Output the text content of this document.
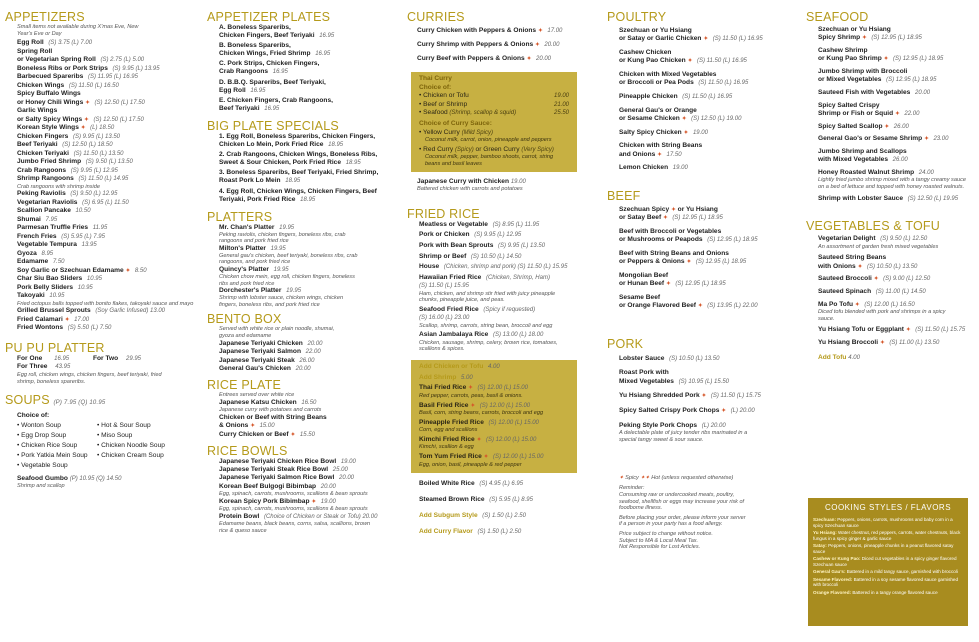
APPETIZERS
Small items not available during X'mas Eve, New Year's Eve or Day
Egg Roll (S) 3.75 (L) 7.00
Spring Roll
or Vegetarian Spring Roll (S) 2.75 (L) 5.00
Boneless Ribs or Pork Strips (S) 9.95 (L) 13.95
Barbecued Spareribs (S) 11.95 (L) 16.95
Chicken Wings (S) 11.50 (L) 16.50
Spicy Buffalo Wings
or Honey Chili Wings ✦ (S) 12.50 (L) 17.50
Garlic Wings
or Salty Spicy Wings ✦ (S) 12.50 (L) 17.50
Korean Style Wings ✦ (L) 18.50
Chicken Fingers (S) 9.95 (L) 13.50
Beef Teriyaki (S) 12.50 (L) 18.50
Chicken Teriyaki (S) 11.50 (L) 13.50
Jumbo Fried Shrimp (S) 9.50 (L) 13.50
Crab Rangoons (S) 9.95 (L) 12.95
Shrimp Rangoons (S) 11.50 (L) 14.95
Crab rangoons with shrimp inside
Peking Raviolis (S) 9.50 (L) 12.95
Vegetarian Raviolis (S) 6.95 (L) 11.50
Scallion Pancake 10.50
Shumai 7.95
Parmesan Truffle Fries 11.95
French Fries (S) 5.95 (L) 7.95
Vegetable Tempura 13.95
Gyoza 8.95
Edamame 7.50
Soy Garlic or Szechuan Edamame ✦ 8.50
Char Siu Bao Sliders 10.95
Pork Belly Sliders 10.95
Takoyaki 10.95
Fried octopus balls topped with bonito flakes, takoyaki sauce and mayo
Grilled Brussel Sprouts (Soy Garlic Infused) 13.00
Fried Calamari ✦ 17.00
Fried Wontons (S) 5.50 (L) 7.50
PU PU PLATTER
For One 16.95	For Two 29.95
For Three 43.95
Egg roll, chicken wings, chicken fingers, beef teriyaki, fried shrimp, boneless spareribs.
SOUPS (P) 7.95 (Q) 10.95
Choice of:
• Wonton Soup
• Egg Drop Soup
• Chicken Rice Soup
• Pork Yatkia Mein Soup
• Vegetable Soup
• Hot & Sour Soup
• Miso Soup
• Chicken Noodle Soup
• Chicken Cream Soup
Seafood Gumbo (P) 10.95 (Q) 14.50
Shrimp and scallop
APPETIZER PLATES
A. Boneless Spareribs,
Chicken Fingers, Beef Teriyaki 16.95
B. Boneless Spareribs,
Chicken Wings, Fried Shrimp 16.95
C. Pork Strips, Chicken Fingers,
Crab Rangoons 16.95
D. B.B.Q. Spareribs, Beef Teriyaki,
Egg Roll 16.95
E. Chicken Fingers, Crab Rangoons,
Beef Teriyaki 16.95
BIG PLATE SPECIALS
1. Egg Roll, Boneless Spareribs, Chicken Fingers, Chicken Lo Mein, Pork Fried Rice 18.95
2. Crab Rangoons, Chicken Wings, Boneless Ribs, Sweet & Sour Chicken, Pork Fried Rice 18.95
3. Boneless Spareribs, Beef Teriyaki, Fried Shrimp, Roast Pork Lo Mein 18.95
4. Egg Roll, Chicken Wings, Chicken Fingers, Beef Teriyaki, Pork Fried Rice 18.95
PLATTERS
Mr. Chan's Platter 19.95
Peking raviolis, chicken fingers, boneless ribs, crab rangoons and pork fried rice
Milton's Platter 19.95
General gau's chicken, beef teriyaki, boneless ribs, crab rangoons, and pork fried rice
Quincy's Platter 19.95
Chicken chow mein, egg roll, chicken fingers, boneless ribs and pork fried rice
Dorchester's Platter 19.95
Shrimp with lobster sauce, chicken wings, chicken fingers, boneless ribs, and pork fried rice
BENTO BOX
Served with white rice or plain noodle, shumai, gyoza and edamame
Japanese Teriyaki Chicken 20.00
Japanese Teriyaki Salmon 22.00
Japanese Teriyaki Steak 26.00
General Gau's Chicken 20.00
RICE PLATE
Entrees served over white rice
Japanese Katsu Chicken 16.50
Japanese curry with potatoes and carrots
Chicken or Beef with String Beans
& Onions ✦ 15.00
Curry Chicken or Beef ✦ 15.50
RICE BOWLS
Japanese Teriyaki Chicken Rice Bowl 19.00
Japanese Teriyaki Steak Rice Bowl 25.00
Japanese Teriyaki Salmon Rice Bowl 20.00
Korean Beef Bulgogi Bibimbap 20.00
Egg, spinach, carrots, mushrooms, scallions & bean sprouts
Korean Spicy Pork Bibimbap ✦ 19.00
Egg, spinach, carrots, mushrooms, scallions & bean sprouts
Protein Bowl (Choice of Chicken or Steak or Tofu) 20.00
Edamame beans, black beans, corns, salsa, scallions, brown rice & queso sauce
CURRIES
Curry Chicken with Peppers & Onions ✦ 17.00
Curry Shrimp with Peppers & Onions ✦ 20.00
Curry Beef with Peppers & Onions ✦ 20.00
Thai Curry
Choice of:
• Chicken or Tofu	19.00
• Beef or Shrimp	21.00
• Seafood (Shrimp, scallop & squid)	25.50
Choice of Curry Sauce:
• Yellow Curry (Mild Spicy)
Coconut milk, carrot, onion, pineapple and peppers
• Red Curry (Spicy) or Green Curry (Very Spicy)
Coconut milk, pepper, bamboo shoots, carrot, string beans and basil leaves
Japanese Curry with Chicken 19.00
Battered chicken with carrots and potatoes
FRIED RICE
Meatless or Vegetable (S) 8.95 (L) 11.95
Pork or Chicken (S) 9.95 (L) 12.95
Pork with Bean Sprouts (S) 9.95 (L) 13.50
Shrimp or Beef (S) 10.50 (L) 14.50
House (Chicken, shrimp and pork) (S) 11.50 (L) 15.95
Hawaiian Fried Rice (Chicken, Shrimp, Ham)
(S) 11.50 (L) 15.95
Ham, chicken, and shrimp stir fried with juicy pineapple chunks, pineapple juice, and peas.
Seafood Fried Rice (Spicy if requested)
(S) 16.00 (L) 23.00
Scallop, shrimp, carrots, string bean, broccoli and egg
Asian Jambalaya Rice (S) 13.00 (L) 18.00
Chicken, sausage, shrimp, celery, brown rice, tomatoes, scallions & spices.
Add Chicken or Tofu 4.00
Add Shrimp 5.00
Thai Fried Rice ✦ (S) 12.00 (L) 15.00
Red pepper, carrots, peas, basil & onions.
Basil Fried Rice ✦ (S) 12.00 (L) 15.00
Basil, corn, string beans, carrots, broccoli and egg
Pineapple Fried Rice (S) 12.00 (L) 15.00
Corn, egg and scallions
Kimchi Fried Rice ✦ (S) 12.00 (L) 15.00
Kimchi, scallion & egg
Tom Yum Fried Rice ✦ (S) 12.00 (L) 15.00
Egg, onion, basil, pineapple & red pepper
Boiled White Rice (S) 4.95 (L) 6.95
Steamed Brown Rice (S) 5.95 (L) 8.95
Add Subgum Style (S) 1.50 (L) 2.50
Add Curry Flavor (S) 1.50 (L) 2.50
POULTRY
Szechuan or Yu Hsiang
or Satay or Garlic Chicken ✦ (S) 11.50 (L) 16.95
Cashew Chicken
or Kung Pao Chicken ✦ (S) 11.50 (L) 16.95
Chicken with Mixed Vegetables
or Broccoli or Pea Pods (S) 11.50 (L) 16.95
Pineapple Chicken (S) 11.50 (L) 16.95
General Gau's or Orange
or Sesame Chicken ✦ (S) 12.50 (L) 19.00
Salty Spicy Chicken ✦ 19.00
Chicken with String Beans
and Onions ✦ 17.50
Lemon Chicken 19.00
BEEF
Szechuan Spicy ✦ or Yu Hsiang
or Satay Beef ✦ (S) 12.95 (L) 18.95
Beef with Broccoli or Vegetables
or Mushrooms or Peapods (S) 12.95 (L) 18.95
Beef with String Beans and Onions
or Peppers & Onions ✦ (S) 12.95 (L) 18.95
Mongolian Beef
or Hunan Beef ✦ (S) 12.95 (L) 18.95
Sesame Beef
or Orange Flavored Beef ✦ (S) 13.95 (L) 22.00
PORK
Lobster Sauce (S) 10.50 (L) 13.50
Roast Pork with
Mixed Vegetables (S) 10.95 (L) 15.50
Yu Hsiang Shredded Pork ✦ (S) 11.50 (L) 15.75
Spicy Salted Crispy Pork Chops ✦ (L) 20.00
Peking Style Pork Chops (L) 20.00
A delectable plate of juicy tender ribs marinated in a special tangy sweet & sour sauce.
✦ Spicy ✦✦ Hot (unless requested otherwise)
Reminder:
Consuming raw or undercooked meats, poultry, seafood, shellfish or eggs may increase your risk of foodborne illness.
Before placing your order, please inform your server if a person in your party has a food allergy.
Price subject to change without notice.
Subject to MA & Local Meal Tax.
Not Responsible for Lost Articles.
SEAFOOD
Szechuan or Yu Hsiang
Spicy Shrimp ✦ (S) 12.95 (L) 18.95
Cashew Shrimp
or Kung Pao Shrimp ✦ (S) 12.95 (L) 18.95
Jumbo Shrimp with Broccoli
or Mixed Vegetables (S) 12.95 (L) 18.95
Sauteed Fish with Vegetables 20.00
Spicy Salted Crispy
Shrimp or Fish or Squid ✦ 22.00
Spicy Salted Scallop ✦ 26.00
General Gao's or Sesame Shrimp ✦ 23.00
Jumbo Shrimp and Scallops
with Mixed Vegetables 26.00
Honey Roasted Walnut Shrimp 24.00
Lightly fried jumbo shrimp mixed with a tangy creamy sauce on a bed of lettuce and topped with honey roasted walnuts.
Shrimp with Lobster Sauce (S) 12.50 (L) 19.95
VEGETABLES & TOFU
Vegetarian Delight (S) 9.50 (L) 12.50
An assortment of garden fresh mixed vegetables
Sauteed String Beans
with Onions ✦ (S) 10.50 (L) 13.50
Sauteed Broccoli ✦ (S) 9.00 (L) 12.50
Sauteed Spinach (S) 11.00 (L) 14.50
Ma Po Tofu ✦ (S) 12.00 (L) 16.50
Diced tofu blended with pork and shrimps in a spicy sauce.
Yu Hsiang Tofu or Eggplant ✦ (S) 11.50 (L) 15.75
Yu Hsiang Broccoli ✦ (S) 11.00 (L) 13.50
Add Tofu 4.00
COOKING STYLES / FLAVORS
Szechuan: Peppers, onions, carrots, mushrooms and baby corn in a spicy Szechuan sauce
Yu Hsiang: Water chestnut, red peppers, carrots, water chestnuts, black fungus in a spicy ginger & garlic sauce
Satay: Peppers, onions, pineapple chunks in a peanut flavored satay sauce
Cashew or Kung Pao: Diced cut vegetables in a spicy ginger flavored Szechuan sauce
General Gau's: Battered in a mild tangy sauce, garnished with broccoli
Sesame Flavored: Battered in a soy sesame flavored sauce garnished with broccoli
Orange Flavored: Battered in a tangy orange flavored sauce
